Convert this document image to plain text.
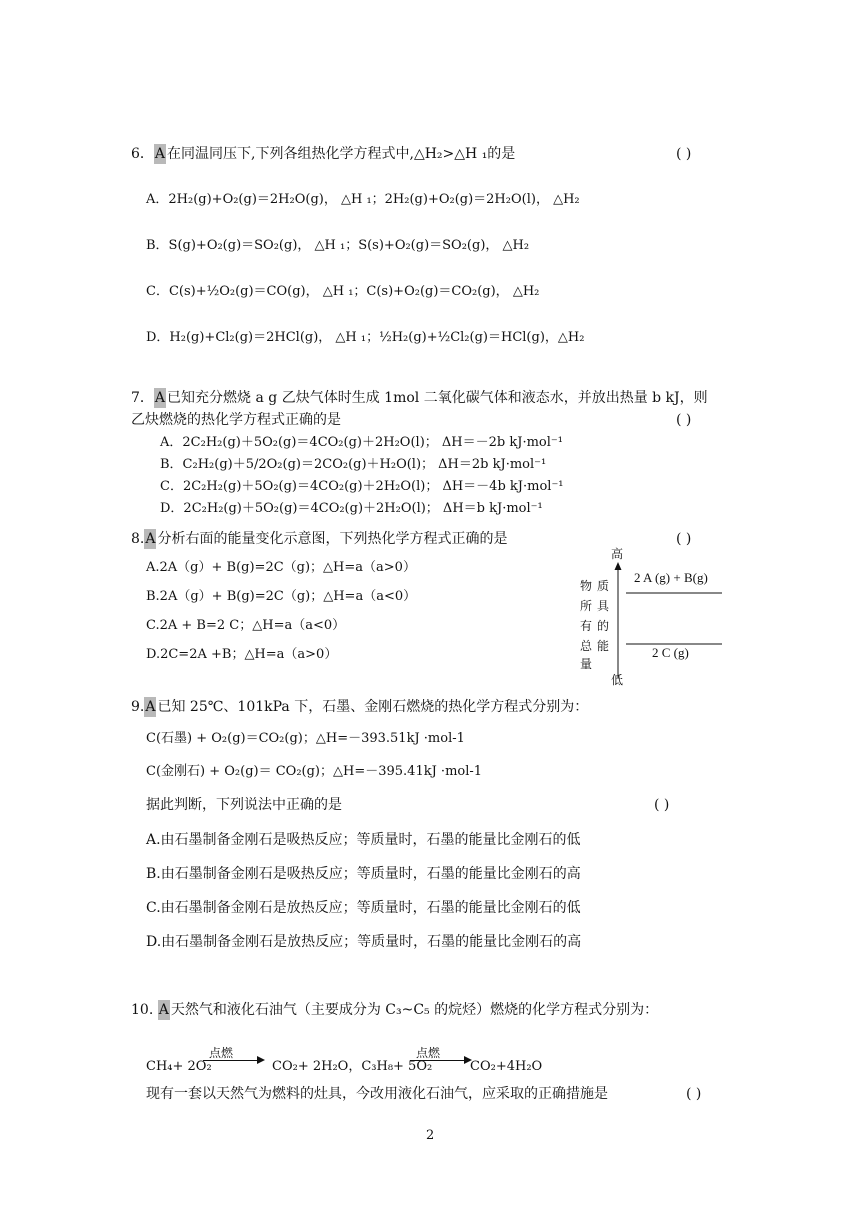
6．A 在同温同压下,下列各组热化学方程式中,△H₂>△H ₁的是	( )
A．2H₂(g)+O₂(g)＝2H₂O(g)， △H ₁；2H₂(g)+O₂(g)＝2H₂O(l)， △H₂
B．S(g)+O₂(g)＝SO₂(g)， △H ₁；S(s)+O₂(g)＝SO₂(g)， △H₂
C．C(s)+½O₂(g)＝CO(g)， △H ₁；C(s)+O₂(g)＝CO₂(g)， △H₂
D．H₂(g)+Cl₂(g)＝2HCl(g)， △H ₁；½H₂(g)+½Cl₂(g)＝HCl(g)，△H₂
7．A 已知充分燃烧 a g 乙炔气体时生成 1mol 二氧化碳气体和液态水，并放出热量 b kJ，则
乙炔燃烧的热化学方程式正确的是	( )
A．2C₂H₂(g)＋5O₂(g)＝4CO₂(g)＋2H₂O(l)； ΔH＝－2b kJ·mol⁻¹
B．C₂H₂(g)＋5/2O₂(g)＝2CO₂(g)＋H₂O(l)； ΔH＝2b kJ·mol⁻¹
C．2C₂H₂(g)＋5O₂(g)＝4CO₂(g)＋2H₂O(l)； ΔH＝－4b kJ·mol⁻¹
D．2C₂H₂(g)＋5O₂(g)＝4CO₂(g)＋2H₂O(l)； ΔH＝b kJ·mol⁻¹
8.A 分析右面的能量变化示意图，下列热化学方程式正确的是	( )
A.2A（g）+ B(g)=2C（g)；△H=a（a>0）
B.2A（g）+ B(g)=2C（g)；△H=a（a<0）
C.2A + B=2 C；△H=a（a<0）
D.2C=2A +B；△H=a（a>0）
高
低
物
所
有
总
量
质
具
的
能
2 A (g) + B(g)
2 C (g)
9.A 已知 25℃、101kPa 下，石墨、金刚石燃烧的热化学方程式分别为：
C(石墨) + O₂(g)＝CO₂(g)；△H=－393.51kJ ·mol-1
C(金刚石) + O₂(g)＝ CO₂(g)；△H=－395.41kJ ·mol-1
据此判断，下列说法中正确的是	( )
A.由石墨制备金刚石是吸热反应；等质量时，石墨的能量比金刚石的低
B.由石墨制备金刚石是吸热反应；等质量时，石墨的能量比金刚石的高
C.由石墨制备金刚石是放热反应；等质量时，石墨的能量比金刚石的低
D.由石墨制备金刚石是放热反应；等质量时，石墨的能量比金刚石的高
10. A 天然气和液化石油气（主要成分为 C₃~C₅ 的烷烃）燃烧的化学方程式分别为：
CH₄+ 2O₂
点燃
CO₂+ 2H₂O，C₃H₈+ 5O₂
点燃
CO₂+4H₂O
现有一套以天然气为燃料的灶具，今改用液化石油气，应采取的正确措施是	( )
2
